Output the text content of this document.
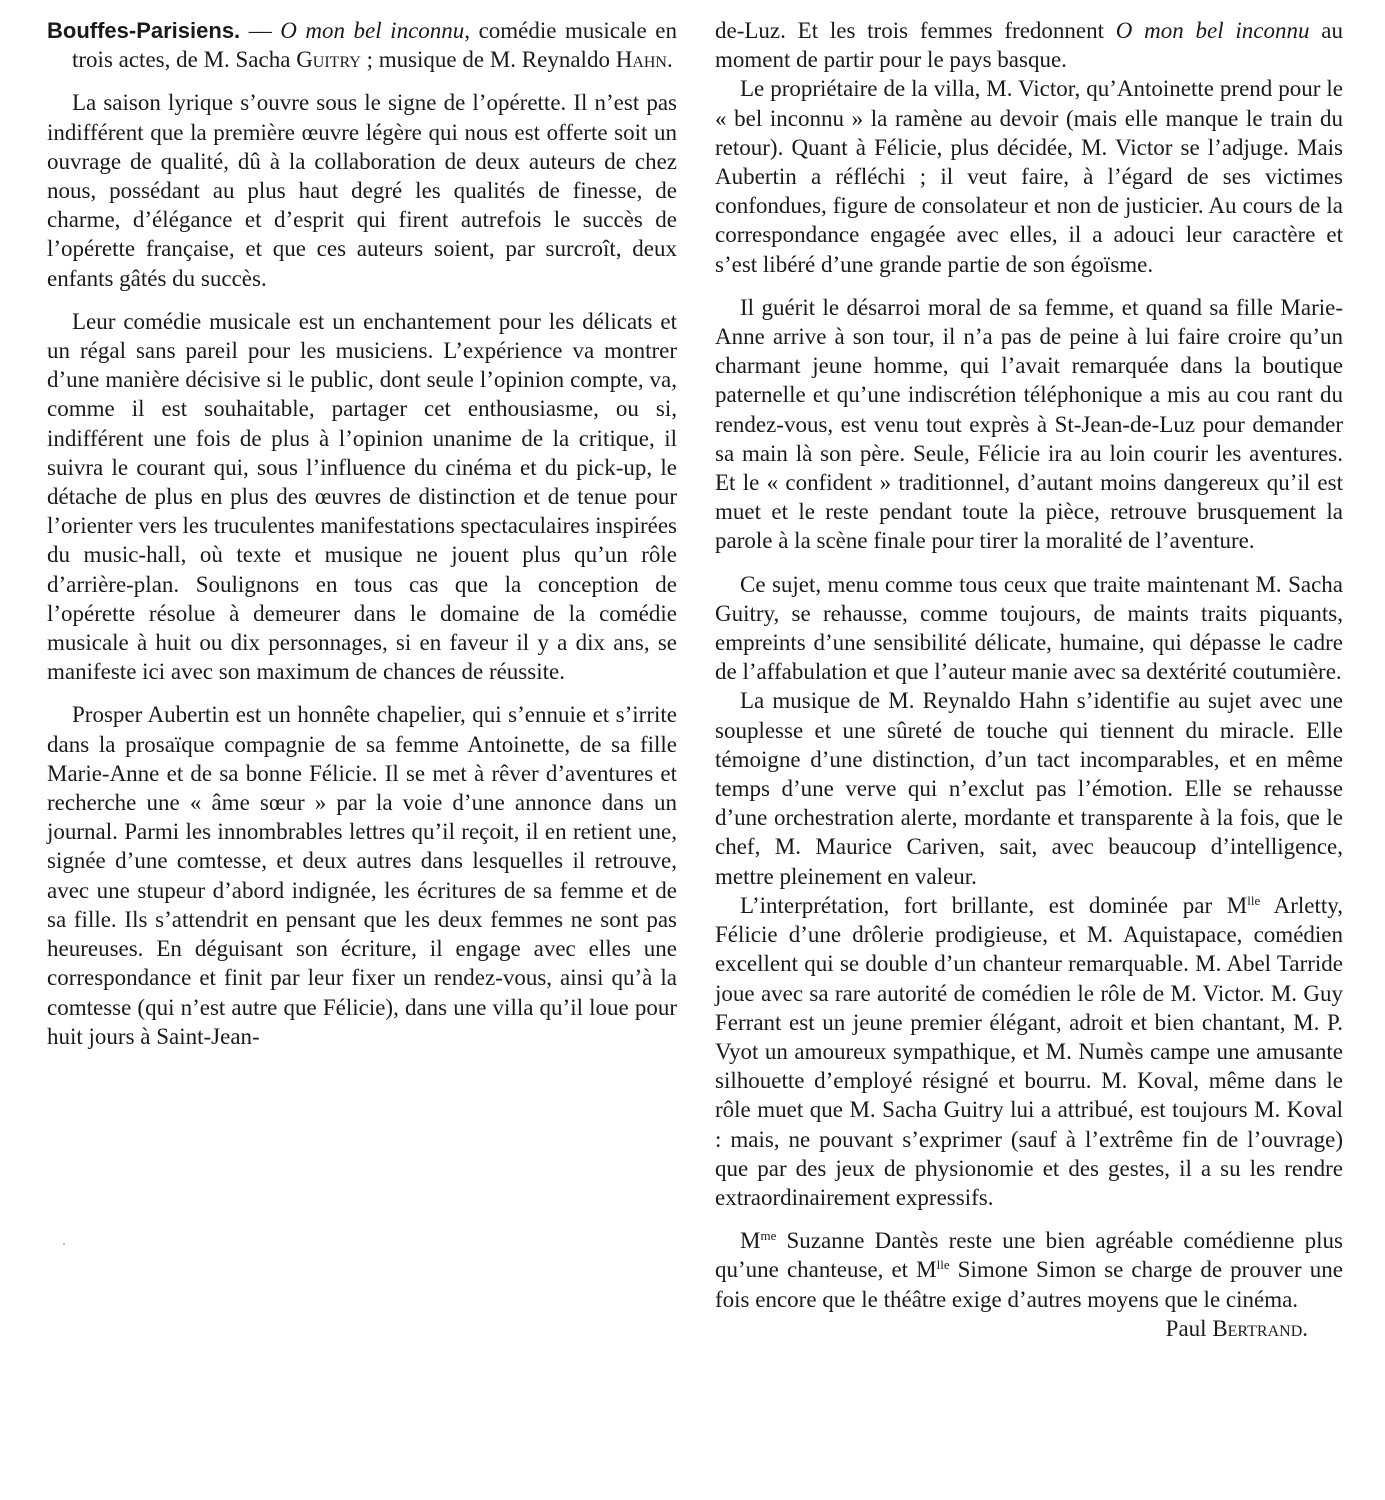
Bouffes-Parisiens. — O mon bel inconnu, comédie musicale en trois actes, de M. Sacha Guitry ; musique de M. Reynaldo Hahn.

La saison lyrique s’ouvre sous le signe de l’opérette. Il n’est pas indifférent que la première œuvre légère qui nous est offerte soit un ouvrage de qualité, dû à la collaboration de deux auteurs de chez nous, possédant au plus haut degré les qualités de finesse, de charme, d’élégance et d’esprit qui firent autrefois le succès de l’opérette française, et que ces auteurs soient, par surcroît, deux enfants gâtés du succès.

Leur comédie musicale est un enchantement pour les délicats et un régal sans pareil pour les musiciens. L’expérience va montrer d’une manière décisive si le public, dont seule l’opinion compte, va, comme il est souhaitable, partager cet enthousiasme, ou si, indifférent une fois de plus à l’opinion unanime de la critique, il suivra le courant qui, sous l’influence du cinéma et du pick-up, le détache de plus en plus des œuvres de distinction et de tenue pour l’orienter vers les truculentes manifestations spectaculaires inspirées du music-hall, où texte et musique ne jouent plus qu’un rôle d’arrière-plan. Soulignons en tous cas que la conception de l’opérette résolue à demeurer dans le domaine de la comédie musicale à huit ou dix personnages, si en faveur il y a dix ans, se manifeste ici avec son maximum de chances de réussite.

Prosper Aubertin est un honnête chapelier, qui s’ennuie et s’irrite dans la prosaïque compagnie de sa femme Antoinette, de sa fille Marie-Anne et de sa bonne Félicie. Il se met à rêver d’aventures et recherche une « âme sœur » par la voie d’une annonce dans un journal. Parmi les innombrables lettres qu’il reçoit, il en retient une, signée d’une comtesse, et deux autres dans lesquelles il retrouve, avec une stupeur d’abord indignée, les écritures de sa femme et de sa fille. Ils s’attendrit en pensant que les deux femmes ne sont pas heureuses. En déguisant son écriture, il engage avec elles une correspondance et finit par leur fixer un rendez-vous, ainsi qu’à la comtesse (qui n’est autre que Félicie), dans une villa qu’il loue pour huit jours à Saint-Jean-

de-Luz. Et les trois femmes fredonnent O mon bel inconnu au moment de partir pour le pays basque.

Le propriétaire de la villa, M. Victor, qu’Antoinette prend pour le « bel inconnu » la ramène au devoir (mais elle manque le train du retour). Quant à Félicie, plus décidée, M. Victor se l’adjuge. Mais Aubertin a réfléchi ; il veut faire, à l’égard de ses victimes confondues, figure de consolateur et non de justicier. Au cours de la correspondance engagée avec elles, il a adouci leur caractère et s’est libéré d’une grande partie de son égoïsme.

Il guérit le désarroi moral de sa femme, et quand sa fille Marie-Anne arrive à son tour, il n’a pas de peine à lui faire croire qu’un charmant jeune homme, qui l’avait remarquée dans la boutique paternelle et qu’une indiscrétion téléphonique a mis au cou rant du rendez-vous, est venu tout exprès à St-Jean-de-Luz pour demander sa main là son père. Seule, Félicie ira au loin courir les aventures. Et le « confident » traditionnel, d’autant moins dangereux qu’il est muet et le reste pendant toute la pièce, retrouve brusquement la parole à la scène finale pour tirer la moralité de l’aventure.

Ce sujet, menu comme tous ceux que traite maintenant M. Sacha Guitry, se rehausse, comme toujours, de maints traits piquants, empreints d’une sensibilité délicate, humaine, qui dépasse le cadre de l’affabulation et que l’auteur manie avec sa dextérité coutumière.

La musique de M. Reynaldo Hahn s’identifie au sujet avec une souplesse et une sûreté de touche qui tiennent du miracle. Elle témoigne d’une distinction, d’un tact incomparables, et en même temps d’une verve qui n’exclut pas l’émotion. Elle se rehausse d’une orchestration alerte, mordante et transparente à la fois, que le chef, M. Maurice Cariven, sait, avec beaucoup d’intelligence, mettre pleinement en valeur.

L’interprétation, fort brillante, est dominée par $M^{lle}$ Arletty, Félicie d’une drôlerie prodigieuse, et M. Aquistapace, comédien excellent qui se double d’un chanteur remarquable. M. Abel Tarride joue avec sa rare autorité de comédien le rôle de M. Victor. M. Guy Ferrant est un jeune premier élégant, adroit et bien chantant, M. P. Vyot un amoureux sympathique, et M. Numès campe une amusante silhouette d’employé résigné et bourru. M. Koval, même dans le rôle muet que M. Sacha Guitry lui a attribué, est toujours M. Koval : mais, ne pouvant s’exprimer (sauf à l’extrême fin de l’ouvrage) que par des jeux de physionomie et des gestes, il a su les rendre extraordinairement expressifs.

$M^{me}$ Suzanne Dantès reste une bien agréable comédienne plus qu’une chanteuse, et $M^{lle}$ Simone Simon se charge de prouver une fois encore que le théâtre exige d’autres moyens que le cinéma.

Paul Bertrand.
